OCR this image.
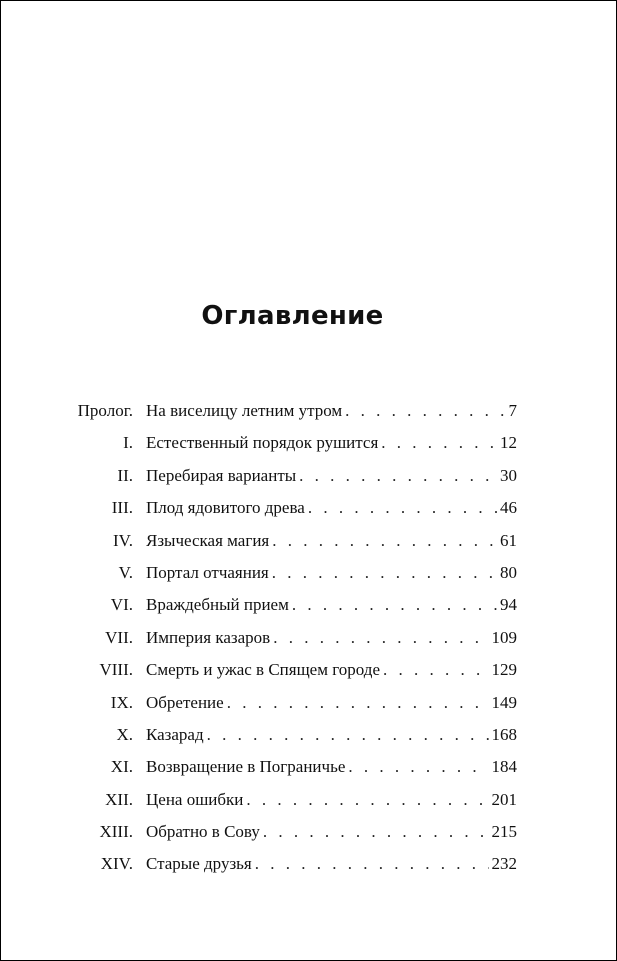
Оглавление
Пролог. На виселицу летним утром . . .	7
I. Естественный порядок рушится . . .	12
II. Перебирая варианты . . .	30
III. Плод ядовитого древа . . .	46
IV. Языческая магия . . .	61
V. Портал отчаяния . . .	80
VI. Враждебный прием . . .	94
VII. Империя казаров . . .	109
VIII. Смерть и ужас в Спящем городе . . .	129
IX. Обретение . . .	149
X. Казарад . . .	168
XI. Возвращение в Пограничье . . .	184
XII. Цена ошибки . . .	201
XIII. Обратно в Сову . . .	215
XIV. Старые друзья . . .	232
